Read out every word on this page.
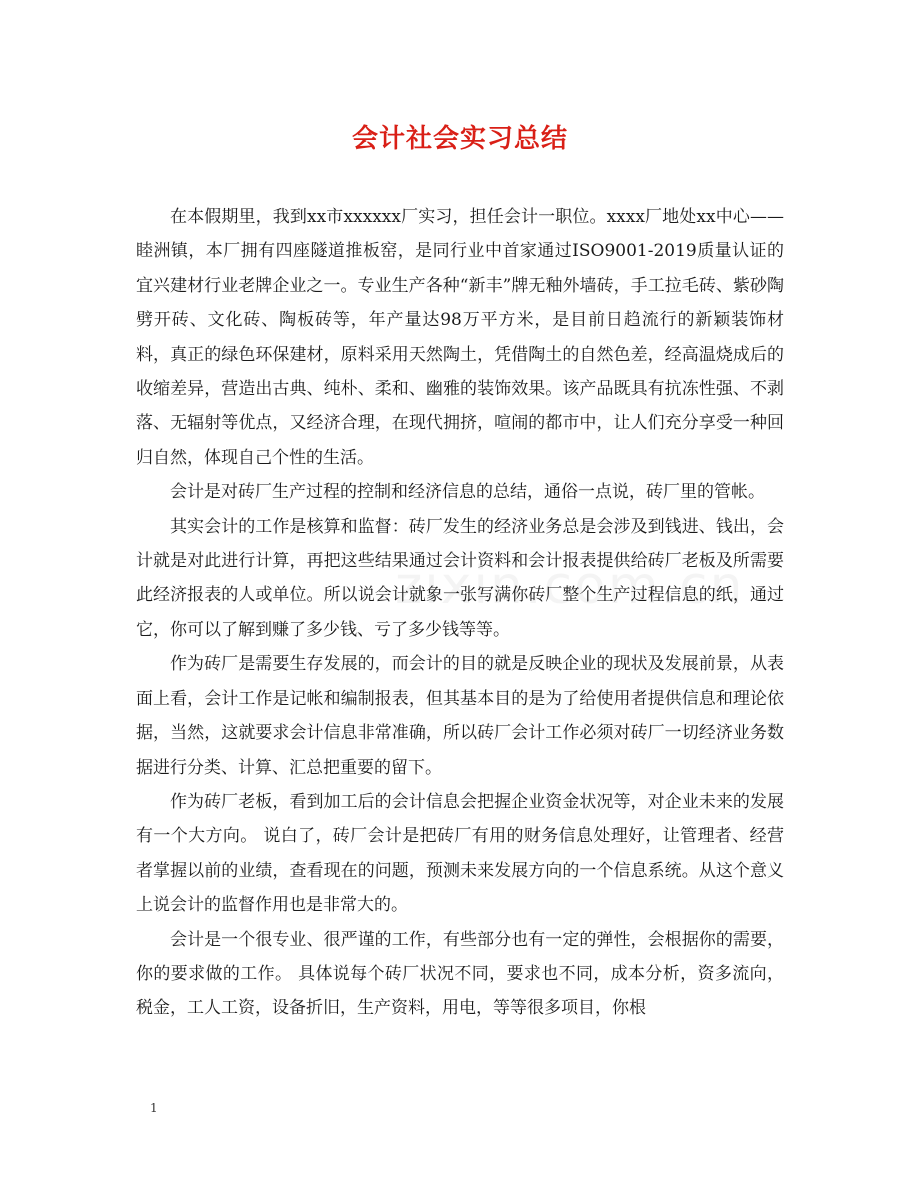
会计社会实习总结

在本假期里，我到xx市xxxxxx厂实习，担任会计一职位。xxxx厂地处xx中心——睦洲镇，本厂拥有四座隧道推板窑，是同行业中首家通过ISO9001-2019质量认证的宜兴建材行业老牌企业之一。专业生产各种“新丰”牌无釉外墙砖，手工拉毛砖、紫砂陶劈开砖、文化砖、陶板砖等，年产量达98万平方米，是目前日趋流行的新颖装饰材料，真正的绿色环保建材，原料采用天然陶土，凭借陶土的自然色差，经高温烧成后的收缩差异，营造出古典、纯朴、柔和、幽雅的装饰效果。该产品既具有抗冻性强、不剥落、无辐射等优点，又经济合理，在现代拥挤，喧闹的都市中，让人们充分享受一种回归自然，体现自己个性的生活。

会计是对砖厂生产过程的控制和经济信息的总结，通俗一点说，砖厂里的管帐。

其实会计的工作是核算和监督：砖厂发生的经济业务总是会涉及到钱进、钱出，会计就是对此进行计算，再把这些结果通过会计资料和会计报表提供给砖厂老板及所需要此经济报表的人或单位。所以说会计就象一张写满你砖厂整个生产过程信息的纸，通过它，你可以了解到赚了多少钱、亏了多少钱等等。

作为砖厂是需要生存发展的，而会计的目的就是反映企业的现状及发展前景，从表面上看，会计工作是记帐和编制报表，但其基本目的是为了给使用者提供信息和理论依据，当然，这就要求会计信息非常准确，所以砖厂会计工作必须对砖厂一切经济业务数据进行分类、计算、汇总把重要的留下。

作为砖厂老板，看到加工后的会计信息会把握企业资金状况等，对企业未来的发展有一个大方向。 说白了，砖厂会计是把砖厂有用的财务信息处理好，让管理者、经营者掌握以前的业绩，查看现在的问题，预测未来发展方向的一个信息系统。从这个意义上说会计的监督作用也是非常大的。

会计是一个很专业、很严谨的工作，有些部分也有一定的弹性，会根据你的需要，你的要求做的工作。 具体说每个砖厂状况不同，要求也不同，成本分析，资多流向，税金，工人工资，设备折旧，生产资料，用电，等等很多项目，你根

1
